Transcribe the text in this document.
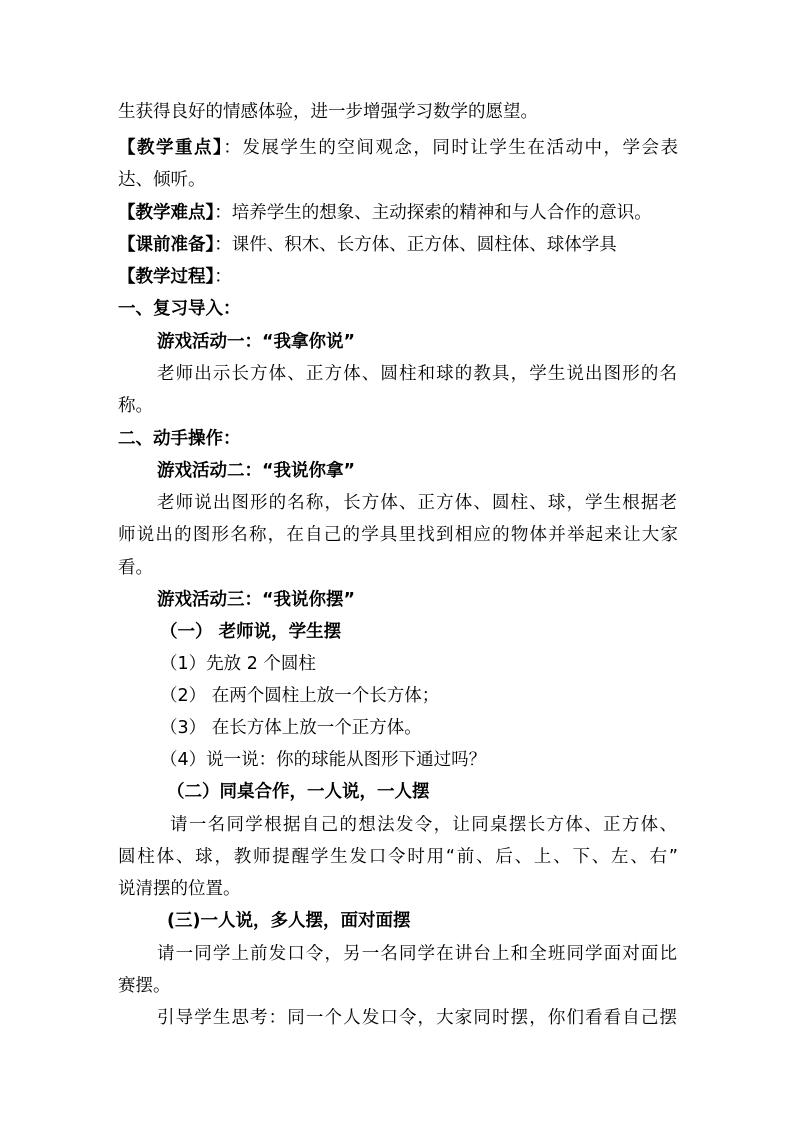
生获得良好的情感体验，进一步增强学习数学的愿望。
【教学重点】：发展学生的空间观念，同时让学生在活动中，学会表
达、倾听。
【教学难点】：培养学生的想象、主动探索的精神和与人合作的意识。
【课前准备】：课件、积木、长方体、正方体、圆柱体、球体学具
【教学过程】：
一、复习导入：
游戏活动一：“我拿你说”
老师出示长方体、正方体、圆柱和球的教具，学生说出图形的名
称。
二、动手操作：
游戏活动二：“我说你拿”
老师说出图形的名称，长方体、正方体、圆柱、球，学生根据老
师说出的图形名称，在自己的学具里找到相应的物体并举起来让大家
看。
游戏活动三：“我说你摆”
（一） 老师说，学生摆
（1）先放 2 个圆柱
（2） 在两个圆柱上放一个长方体；
（3） 在长方体上放一个正方体。
（4）说一说：你的球能从图形下通过吗？
（二）同桌合作，一人说，一人摆
请一名同学根据自己的想法发令，让同桌摆长方体、正方体、
圆柱体、球，教师提醒学生发口令时用“前、后、上、下、左、右”
说清摆的位置。
(三)一人说，多人摆，面对面摆
请一同学上前发口令，另一名同学在讲台上和全班同学面对面比
赛摆。
引导学生思考：同一个人发口令，大家同时摆，你们看看自己摆
